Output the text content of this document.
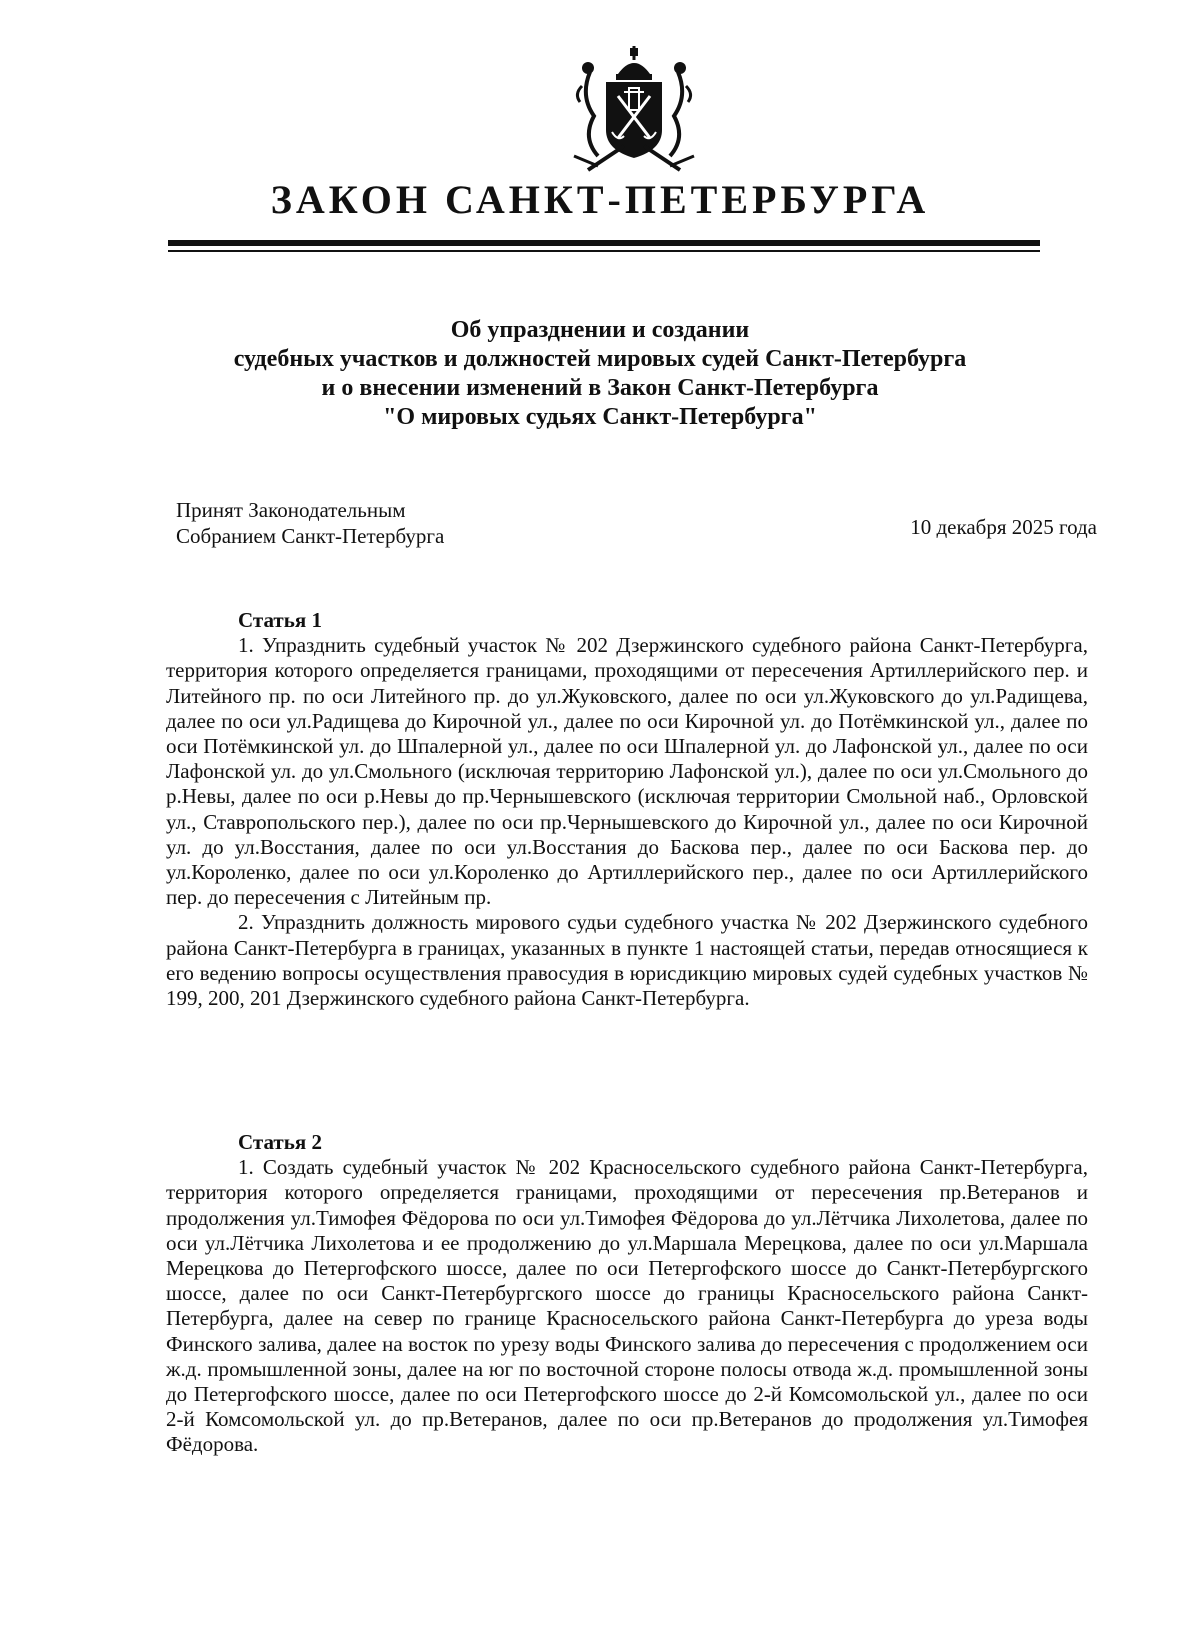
ЗАКОН САНКТ-ПЕТЕРБУРГА
Об упразднении и создании
судебных участков и должностей мировых судей Санкт-Петербурга
и о внесении изменений в Закон Санкт-Петербурга
"О мировых судьях Санкт-Петербурга"
Принят Законодательным
Собранием Санкт-Петербурга	10 декабря 2025 года
Статья 1

1. Упразднить судебный участок № 202 Дзержинского судебного района Санкт-Петербурга, территория которого определяется границами, проходящими от пересечения Артиллерийского пер. и Литейного пр. по оси Литейного пр. до ул.Жуковского, далее по оси ул.Жуковского до ул.Радищева, далее по оси ул.Радищева до Кирочной ул., далее по оси Кирочной ул. до Потёмкинской ул., далее по оси Потёмкинской ул. до Шпалерной ул., далее по оси Шпалерной ул. до Лафонской ул., далее по оси Лафонской ул. до ул.Смольного (исключая территорию Лафонской ул.), далее по оси ул.Смольного до р.Невы, далее по оси р.Невы до пр.Чернышевского (исключая территории Смольной наб., Орловской ул., Ставропольского пер.), далее по оси пр.Чернышевского до Кирочной ул., далее по оси Кирочной ул. до ул.Восстания, далее по оси ул.Восстания до Баскова пер., далее по оси Баскова пер. до ул.Короленко, далее по оси ул.Короленко до Артиллерийского пер., далее по оси Артиллерийского пер. до пересечения с Литейным пр.

2. Упразднить должность мирового судьи судебного участка № 202 Дзержинского судебного района Санкт-Петербурга в границах, указанных в пункте 1 настоящей статьи, передав относящиеся к его ведению вопросы осуществления правосудия в юрисдикцию мировых судей судебных участков № 199, 200, 201 Дзержинского судебного района Санкт-Петербурга.

Статья 2

1. Создать судебный участок № 202 Красносельского судебного района Санкт-Петербурга, территория которого определяется границами, проходящими от пересечения пр.Ветеранов и продолжения ул.Тимофея Фёдорова по оси ул.Тимофея Фёдорова до ул.Лётчика Лихолетова, далее по оси ул.Лётчика Лихолетова и ее продолжению до ул.Маршала Мерецкова, далее по оси ул.Маршала Мерецкова до Петергофского шоссе, далее по оси Петергофского шоссе до Санкт-Петербургского шоссе, далее по оси Санкт-Петербургского шоссе до границы Красносельского района Санкт-Петербурга, далее на север по границе Красносельского района Санкт-Петербурга до уреза воды Финского залива, далее на восток по урезу воды Финского залива до пересечения с продолжением оси ж.д. промышленной зоны, далее на юг по восточной стороне полосы отвода ж.д. промышленной зоны до Петергофского шоссе, далее по оси Петергофского шоссе до 2-й Комсомольской ул., далее по оси 2-й Комсомольской ул. до пр.Ветеранов, далее по оси пр.Ветеранов до продолжения ул.Тимофея Фёдорова.
